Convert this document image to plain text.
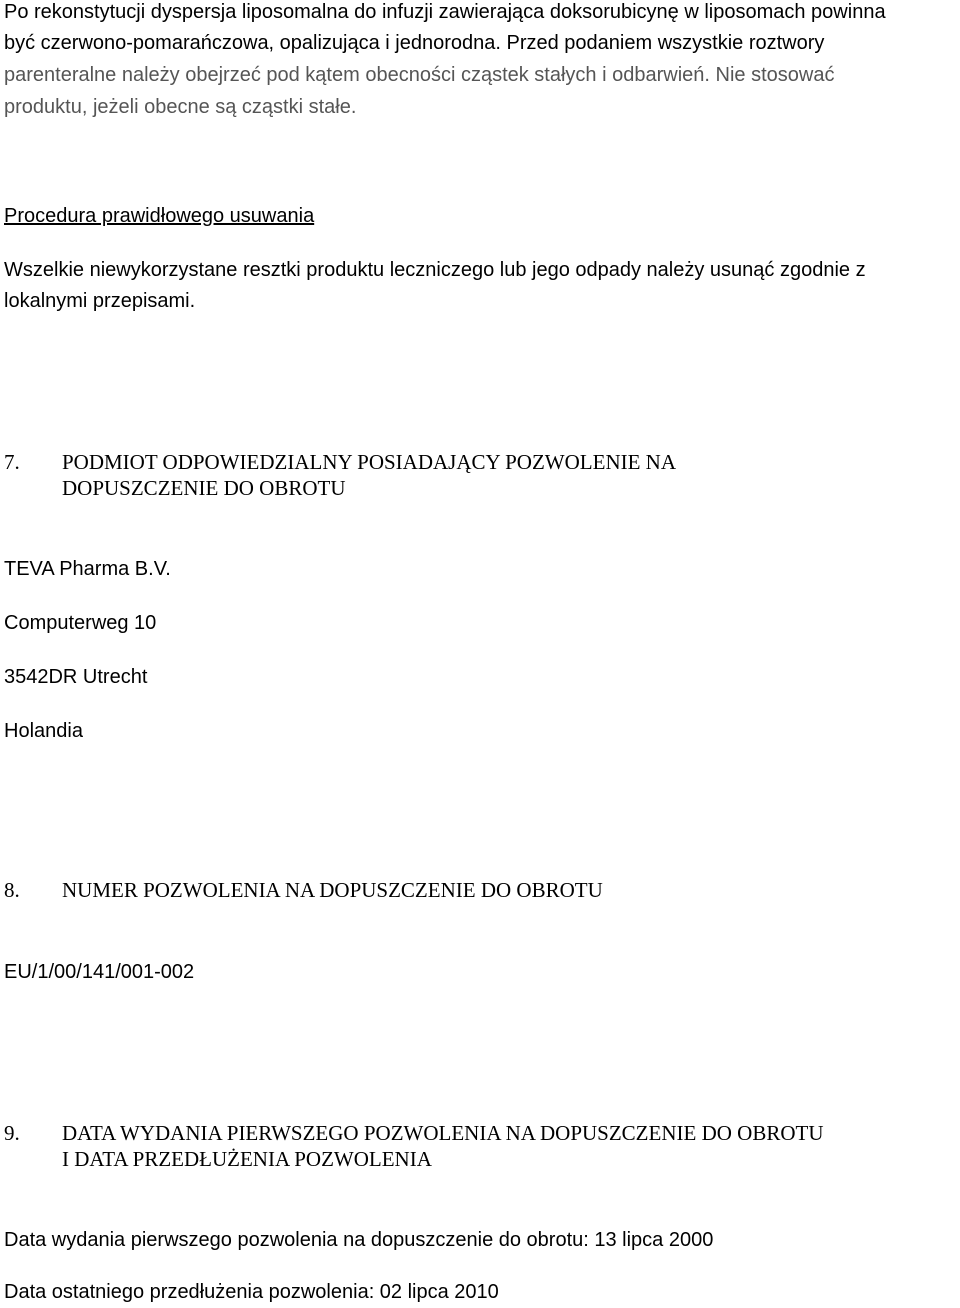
Po rekonstytucji dyspersja liposomalna do infuzji zawierająca doksorubicynę w liposomach powinna
być czerwono-pomarańczowa, opalizująca i jednorodna. Przed podaniem wszystkie roztwory
parenteralne należy obejrzeć pod kątem obecności cząstek stałych i odbarwień. Nie stosować
produktu, jeżeli obecne są cząstki stałe.
Procedura prawidłowego usuwania
Wszelkie niewykorzystane resztki produktu leczniczego lub jego odpady należy usunąć zgodnie z
lokalnymi przepisami.
7. PODMIOT ODPOWIEDZIALNY POSIADAJĄCY POZWOLENIE NA
DOPUSZCZENIE DO OBROTU
TEVA Pharma B.V.
Computerweg 10
3542DR Utrecht
Holandia
8. NUMER POZWOLENIA NA DOPUSZCZENIE DO OBROTU
EU/1/00/141/001-002
9. DATA WYDANIA PIERWSZEGO POZWOLENIA NA DOPUSZCZENIE DO OBROTU
I DATA PRZEDŁUŻENIA POZWOLENIA
Data wydania pierwszego pozwolenia na dopuszczenie do obrotu: 13 lipca 2000
Data ostatniego przedłużenia pozwolenia: 02 lipca 2010
